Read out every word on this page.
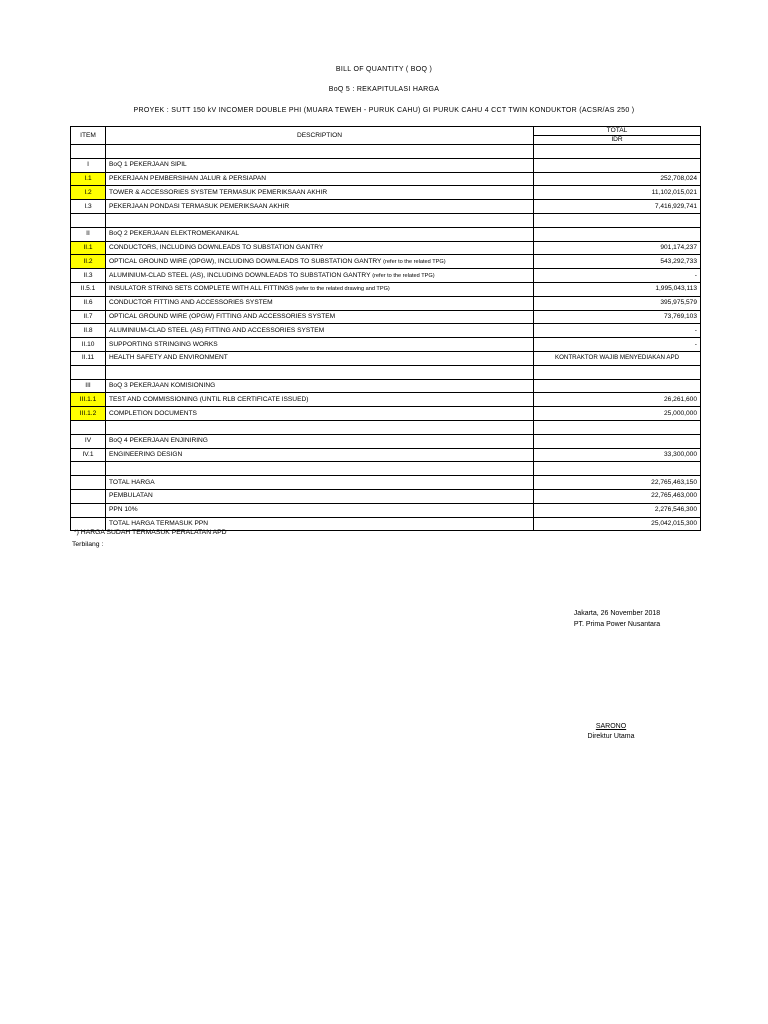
BILL OF QUANTITY ( BOQ )
BoQ 5 : REKAPITULASI HARGA
PROYEK : SUTT 150 kV INCOMER DOUBLE PHI (MUARA TEWEH - PURUK CAHU) GI PURUK CAHU 4 CCT TWIN KONDUKTOR (ACSR/AS 250 )
ITEM	DESCRIPTION	TOTAL
		IDR

I	BoQ 1 PEKERJAAN SIPIL	
I.1	PEKERJAAN PEMBERSIHAN JALUR & PERSIAPAN	252,708,024
I.2	TOWER & ACCESSORIES SYSTEM TERMASUK PEMERIKSAAN AKHIR	11,102,015,021
I.3	PEKERJAAN PONDASI TERMASUK PEMERIKSAAN AKHIR	7,416,929,741

II	BoQ 2 PEKERJAAN ELEKTROMEKANIKAL	
II.1	CONDUCTORS, INCLUDING DOWNLEADS TO SUBSTATION GANTRY	901,174,237
II.2	OPTICAL GROUND WIRE (OPGW), INCLUDING DOWNLEADS TO SUBSTATION GANTRY (refer to the related TPG)	543,292,733
II.3	ALUMINIUM-CLAD STEEL (AS), INCLUDING DOWNLEADS TO SUBSTATION GANTRY (refer to the related TPG)	-
II.5.1	INSULATOR STRING SETS COMPLETE WITH ALL FITTINGS (refer to the related drawing and TPG)	1,995,043,113
II.6	CONDUCTOR FITTING AND ACCESSORIES SYSTEM	395,975,579
II.7	OPTICAL GROUND WIRE (OPGW) FITTING AND ACCESSORIES SYSTEM	73,769,103
II.8	ALUMINIUM-CLAD STEEL (AS) FITTING AND ACCESSORIES SYSTEM	-
II.10	SUPPORTING STRINGING WORKS	-
II.11	HEALTH SAFETY AND ENVIRONMENT	KONTRAKTOR WAJIB MENYEDIAKAN APD

III	BoQ 3 PEKERJAAN KOMISIONING	
III.1.1	TEST AND COMMISSIONING (UNTIL RLB CERTIFICATE ISSUED)	26,261,600
III.1.2	COMPLETION DOCUMENTS	25,000,000

IV	BoQ 4 PEKERJAAN ENJINIRING	
IV.1	ENGINEERING DESIGN	33,300,000

	TOTAL HARGA	22,765,463,150
	PEMBULATAN	22,765,463,000
	PPN 10%	2,276,546,300
	TOTAL HARGA TERMASUK PPN	25,042,015,300
*) HARGA SUDAH TERMASUK PERALATAN APD
Terbilang :
Jakarta, 26 November 2018
PT. Prima Power Nusantara
SARONO
Direktur Utama
